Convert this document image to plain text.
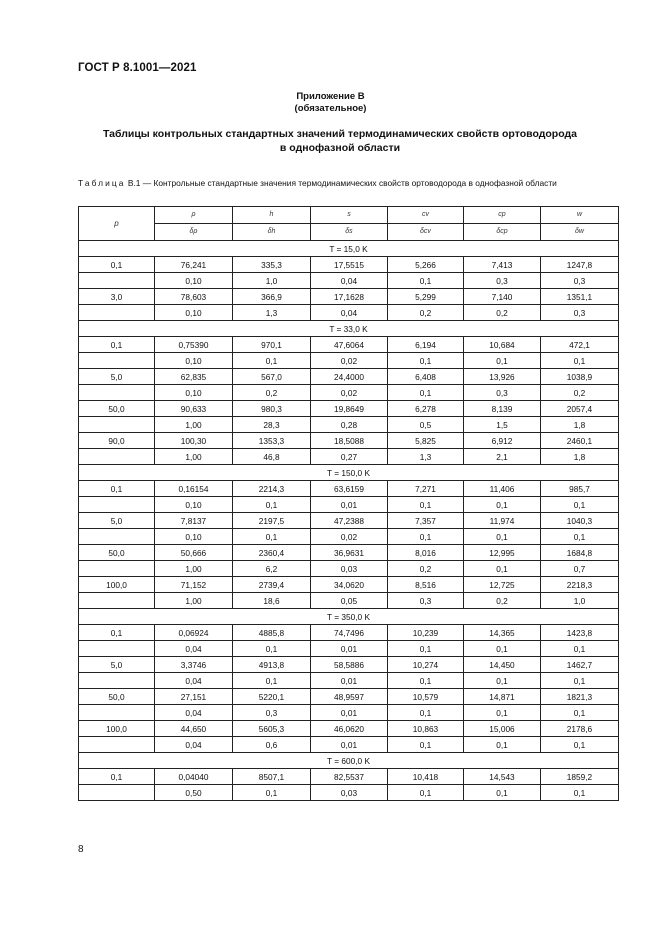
ГОСТ Р 8.1001—2021
Приложение В
(обязательное)
Таблицы контрольных стандартных значений термодинамических свойств ортоводорода
в однофазной области
Таблица В.1 — Контрольные стандартные значения термодинамических свойств ортоводорода в однофазной области
p	ρ	h	s	cv	cp	w
	δρ	δh	δs	δcv	δcp	δw
T = 15,0 K						
0,1	76,241	335,3	17,5515	5,266	7,413	1247,8
	0,10	1,0	0,04	0,1	0,3	0,3
3,0	78,603	366,9	17,1628	5,299	7,140	1351,1
	0,10	1,3	0,04	0,2	0,2	0,3
T = 33,0 K						
0,1	0,75390	970,1	47,6064	6,194	10,684	472,1
	0,10	0,1	0,02	0,1	0,1	0,1
5,0	62,835	567,0	24,4000	6,408	13,926	1038,9
	0,10	0,2	0,02	0,1	0,3	0,2
50,0	90,633	980,3	19,8649	6,278	8,139	2057,4
	1,00	28,3	0,28	0,5	1,5	1,8
90,0	100,30	1353,3	18,5088	5,825	6,912	2460,1
	1,00	46,8	0,27	1,3	2,1	1,8
T = 150,0 K						
0,1	0,16154	2214,3	63,6159	7,271	11,406	985,7
	0,10	0,1	0,01	0,1	0,1	0,1
5,0	7,8137	2197,5	47,2388	7,357	11,974	1040,3
	0,10	0,1	0,02	0,1	0,1	0,1
50,0	50,666	2360,4	36,9631	8,016	12,995	1684,8
	1,00	6,2	0,03	0,2	0,1	0,7
100,0	71,152	2739,4	34,0620	8,516	12,725	2218,3
	1,00	18,6	0,05	0,3	0,2	1,0
T = 350,0 K						
0,1	0,06924	4885,8	74,7496	10,239	14,365	1423,8
	0,04	0,1	0,01	0,1	0,1	0,1
5,0	3,3746	4913,8	58,5886	10,274	14,450	1462,7
	0,04	0,1	0,01	0,1	0,1	0,1
50,0	27,151	5220,1	48,9597	10,579	14,871	1821,3
	0,04	0,3	0,01	0,1	0,1	0,1
100,0	44,650	5605,3	46,0620	10,863	15,006	2178,6
	0,04	0,6	0,01	0,1	0,1	0,1
T = 600,0 K						
0,1	0,04040	8507,1	82,5537	10,418	14,543	1859,2
	0,50	0,1	0,03	0,1	0,1	0,1
8
